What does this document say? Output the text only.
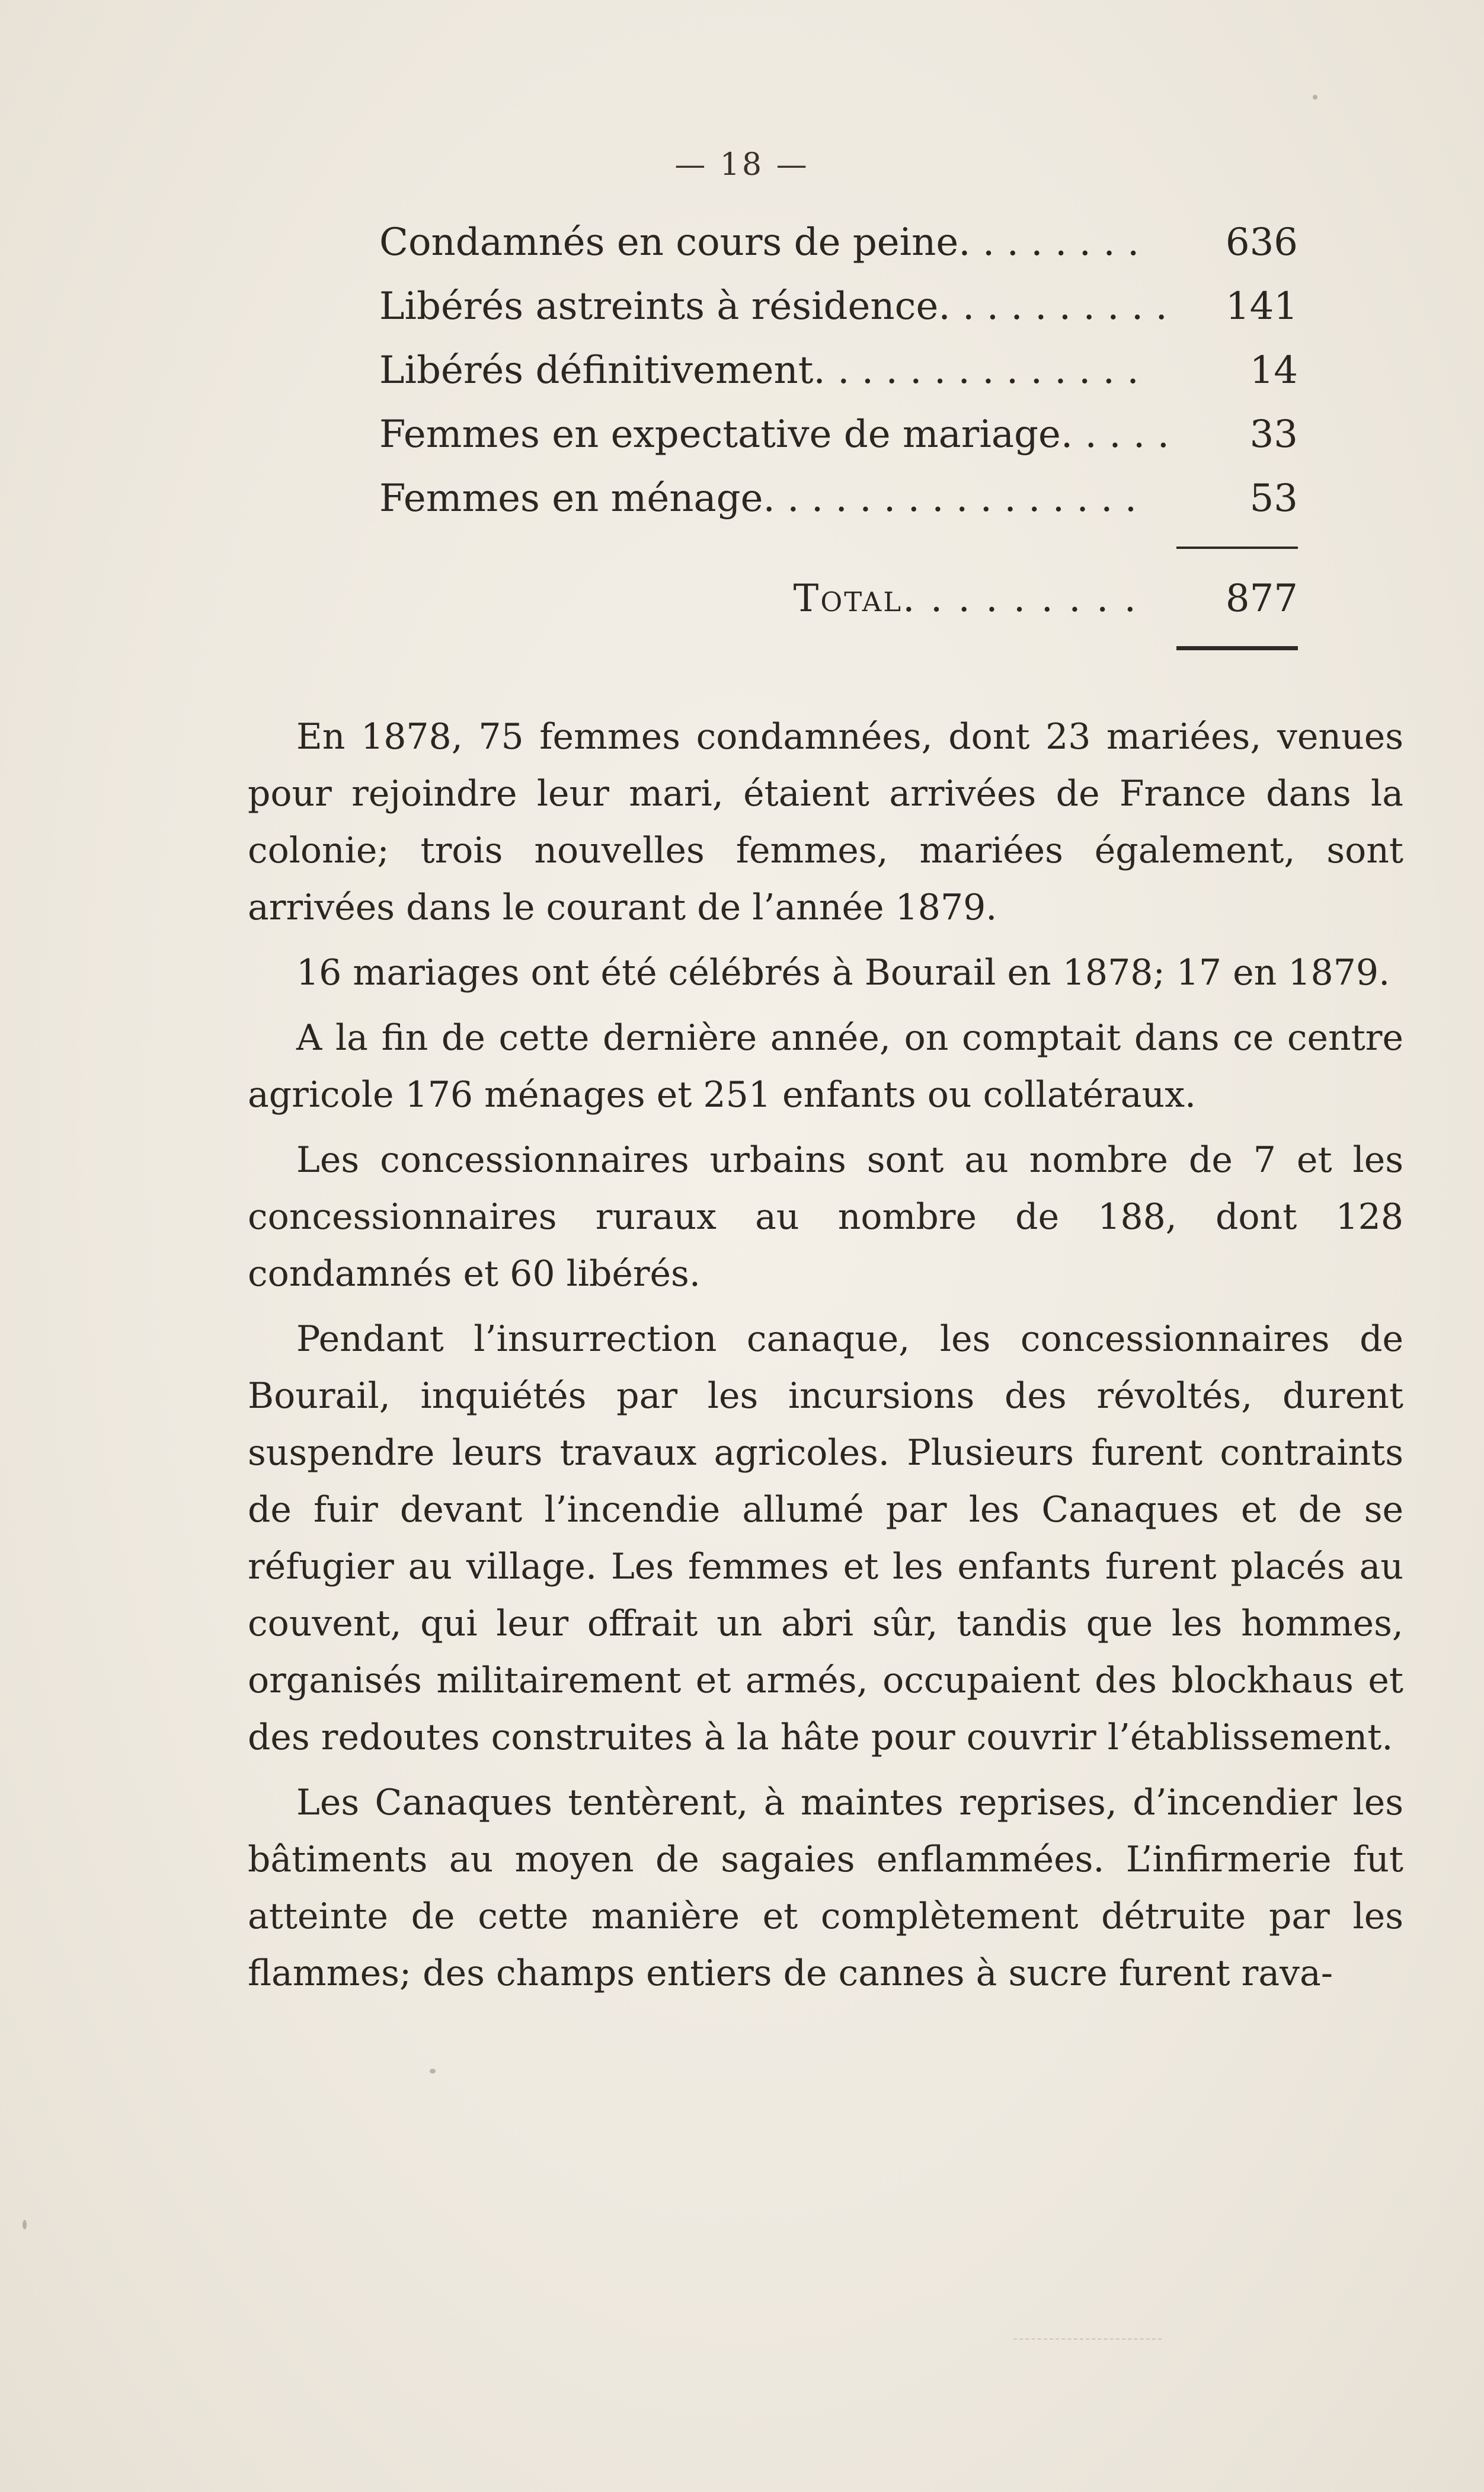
— 18 —
Condamnés en cours de peine. . . . . . . .	636
Libérés astreints à résidence. . . . . . . . . .	141
Libérés définitivement. . . . . . . . . . . . . .	14
Femmes en expectative de mariage. . . . .	33
Femmes en ménage. . . . . . . . . . . . . . . .	53
Total. . . . . . . . .	877

En 1878, 75 femmes condamnées, dont 23 mariées, venues pour rejoindre leur mari, étaient arrivées de France dans la colonie; trois nouvelles femmes, mariées également, sont arrivées dans le courant de l’année 1879.

16 mariages ont été célébrés à Bourail en 1878; 17 en 1879.

A la fin de cette dernière année, on comptait dans ce centre agricole 176 ménages et 251 enfants ou collatéraux.

Les concessionnaires urbains sont au nombre de 7 et les concessionnaires ruraux au nombre de 188, dont 128 condamnés et 60 libérés.

Pendant l’insurrection canaque, les concessionnaires de Bourail, inquiétés par les incursions des révoltés, durent suspendre leurs travaux agricoles. Plusieurs furent contraints de fuir devant l’incendie allumé par les Canaques et de se réfugier au village. Les femmes et les enfants furent placés au couvent, qui leur offrait un abri sûr, tandis que les hommes, organisés militairement et armés, occupaient des blockhaus et des redoutes construites à la hâte pour couvrir l’établissement.

Les Canaques tentèrent, à maintes reprises, d’incendier les bâtiments au moyen de sagaies enflammées. L’infirmerie fut atteinte de cette manière et complètement détruite par les flammes; des champs entiers de cannes à sucre furent rava-
